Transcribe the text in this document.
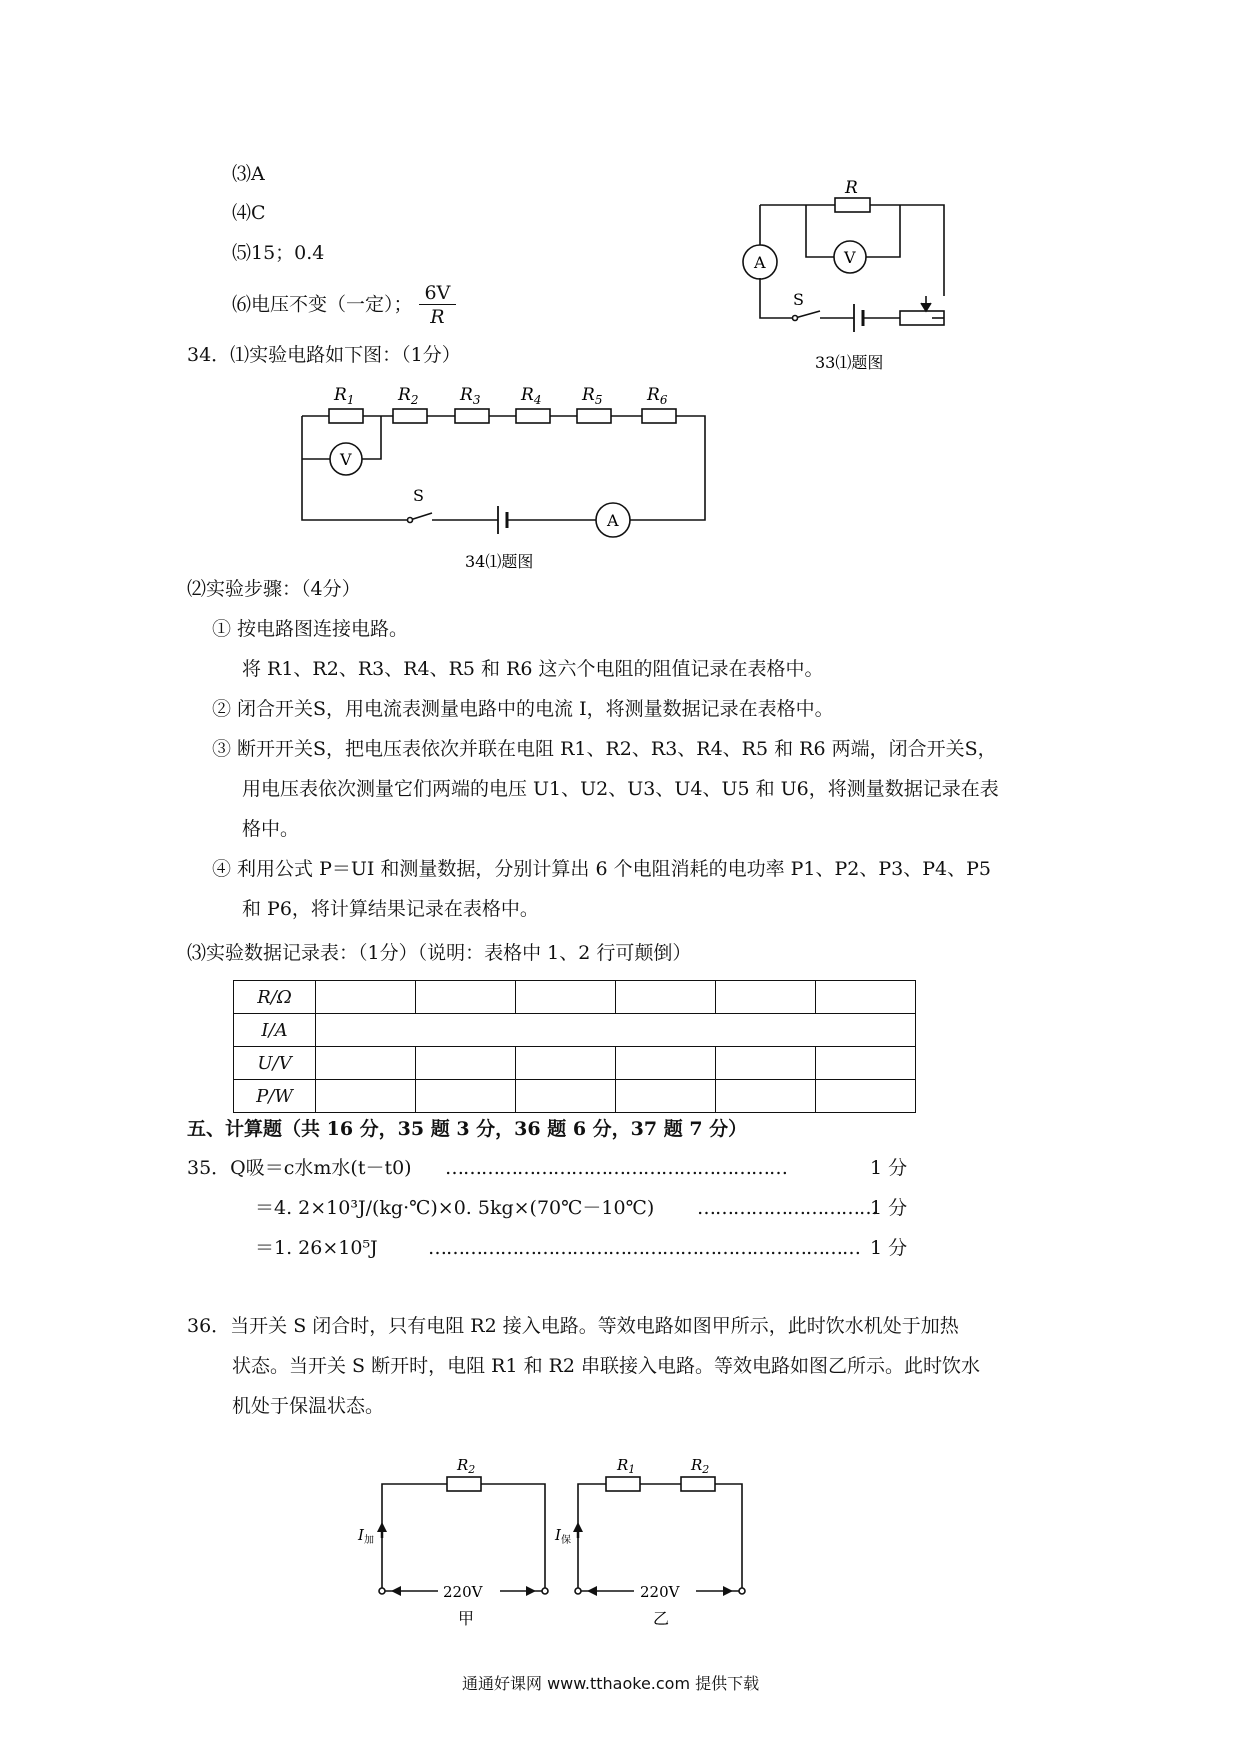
⑶A
⑷C
⑸15；0.4
⑹电压不变（一定）； $\frac{6V}{R}$
R
A	V
S
33⑴题图
34．⑴实验电路如下图：（1分）
$R_1$	$R_2$ $R_3$ $R_4$ $R_5$	$R_6$
V
A
S
34⑴题图
⑵实验步骤：（4分）
① 按电路图连接电路。
将 R1、R2、R3、R4、R5 和 R6 这六个电阻的阻值记录在表格中。
② 闭合开关S，用电流表测量电路中的电流 I，将测量数据记录在表格中。
③ 断开开关S，把电压表依次并联在电阻 R1、R2、R3、R4、R5 和 R6 两端，闭合开关S，
用电压表依次测量它们两端的电压 U1、U2、U3、U4、U5 和 U6，将测量数据记录在表
格中。
④ 利用公式 P＝UI 和测量数据，分别计算出 6 个电阻消耗的电功率 P1、P2、P3、P4、P5
和 P6，将计算结果记录在表格中。
⑶实验数据记录表：（1分）（说明：表格中 1、2 行可颠倒）
R/Ω						
I/A						
U/V						
P/W						
五、计算题（共 16 分，35 题 3 分，36 题 6 分，37 题 7 分）
35．Q吸＝c水m水(t－t0) …………………………………………………	1 分
＝4. 2×10³J/(kg·℃)×0. 5kg×(70℃－10℃) …………………………
1 分
＝1. 26×10⁵J	……………………………………………………………… 1 分
36．当开关 S 闭合时，只有电阻 R2 接入电路。等效电路如图甲所示，此时饮水机处于加热
状态。当开关 S 断开时，电阻 R1 和 R2 串联接入电路。等效电路如图乙所示。此时饮水
机处于保温状态。
$R_2$
$I_加$
220V
甲
$R_1$	$R_2$
$I_保$
220V
乙
通通好课网 www.tthaoke.com 提供下载
